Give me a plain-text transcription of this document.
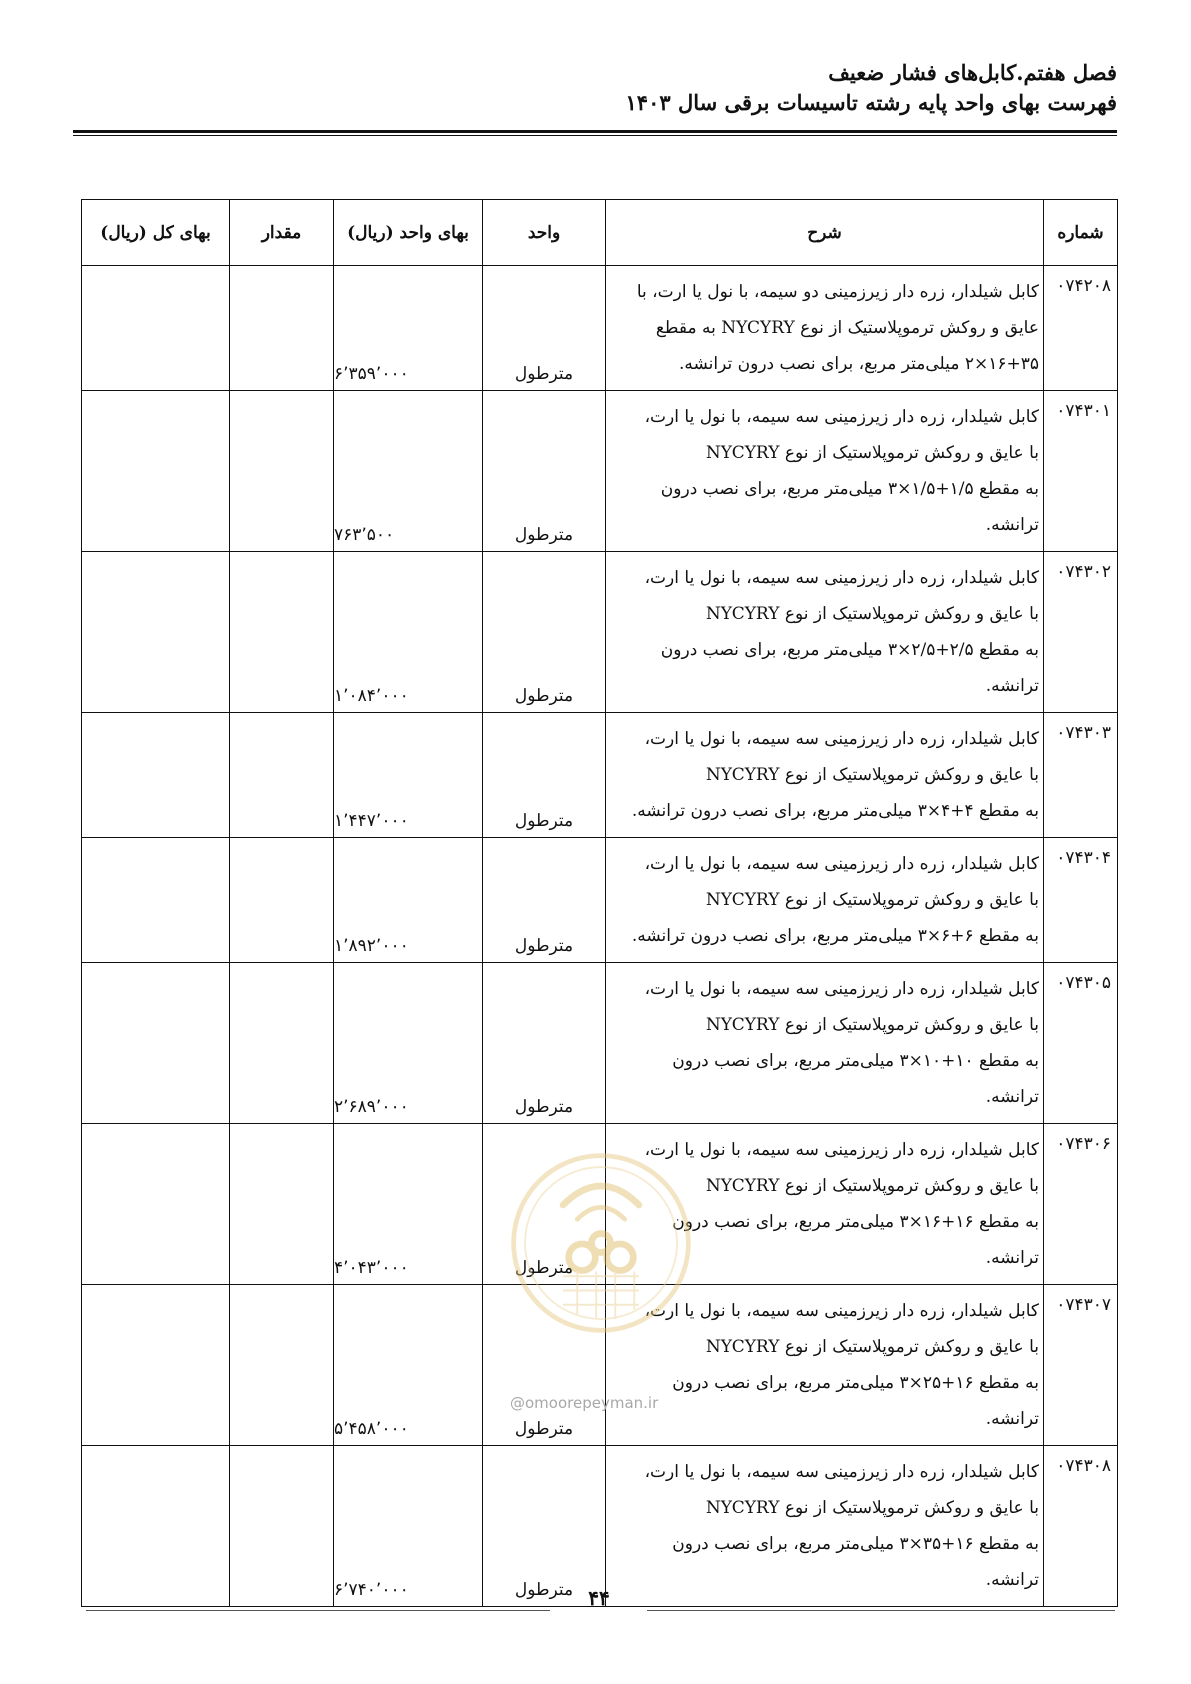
فصل هفتم.کابل‌های فشار ضعیف
فهرست بهای واحد پایه رشته تاسیسات برقی سال ۱۴۰۳
شماره	شرح	واحد	بهای واحد (ریال)	مقدار	بهای کل (ریال)
۰۷۴۲۰۸	کابل شیلدار، زره دار زیرزمینی دو سیمه، با نول یا ارت، با
عایق و روکش ترموپلاستیک از نوع NYCYRY به مقطع
۱۶+۳۵×۲ میلی‌متر مربع، برای نصب درون ترانشه.	مترطول	۶٬۳۵۹٬۰۰۰		
۰۷۴۳۰۱	کابل شیلدار، زره دار زیرزمینی سه سیمه، با نول یا ارت،
با عایق و روکش ترموپلاستیک از نوع NYCYRY
به مقطع ۱/۵+۱/۵×۳ میلی‌متر مربع، برای نصب درون
ترانشه.	مترطول	۷۶۳٬۵۰۰		
۰۷۴۳۰۲	کابل شیلدار، زره دار زیرزمینی سه سیمه، با نول یا ارت،
با عایق و روکش ترموپلاستیک از نوع NYCYRY
به مقطع ۲/۵+۲/۵×۳ میلی‌متر مربع، برای نصب درون
ترانشه.	مترطول	۱٬۰۸۴٬۰۰۰		
۰۷۴۳۰۳	کابل شیلدار، زره دار زیرزمینی سه سیمه، با نول یا ارت،
با عایق و روکش ترموپلاستیک از نوع NYCYRY
به مقطع ۴+۴×۳ میلی‌متر مربع، برای نصب درون ترانشه.	مترطول	۱٬۴۴۷٬۰۰۰		
۰۷۴۳۰۴	کابل شیلدار، زره دار زیرزمینی سه سیمه، با نول یا ارت،
با عایق و روکش ترموپلاستیک از نوع NYCYRY
به مقطع ۶+۶×۳ میلی‌متر مربع، برای نصب درون ترانشه.	مترطول	۱٬۸۹۲٬۰۰۰		
۰۷۴۳۰۵	کابل شیلدار، زره دار زیرزمینی سه سیمه، با نول یا ارت،
با عایق و روکش ترموپلاستیک از نوع NYCYRY
به مقطع ۱۰+۱۰×۳ میلی‌متر مربع، برای نصب درون
ترانشه.	مترطول	۲٬۶۸۹٬۰۰۰		
۰۷۴۳۰۶	کابل شیلدار، زره دار زیرزمینی سه سیمه، با نول یا ارت،
با عایق و روکش ترموپلاستیک از نوع NYCYRY
به مقطع ۱۶+۱۶×۳ میلی‌متر مربع، برای نصب درون
ترانشه.	مترطول	۴٬۰۴۳٬۰۰۰		
۰۷۴۳۰۷	کابل شیلدار، زره دار زیرزمینی سه سیمه، با نول یا ارت،
با عایق و روکش ترموپلاستیک از نوع NYCYRY
به مقطع ۱۶+۲۵×۳ میلی‌متر مربع، برای نصب درون
ترانشه.	مترطول	۵٬۴۵۸٬۰۰۰		
۰۷۴۳۰۸	کابل شیلدار، زره دار زیرزمینی سه سیمه، با نول یا ارت،
با عایق و روکش ترموپلاستیک از نوع NYCYRY
به مقطع ۱۶+۳۵×۳ میلی‌متر مربع، برای نصب درون
ترانشه.	مترطول	۶٬۷۴۰٬۰۰۰		
@omoorepeyman.ir
۴۴
